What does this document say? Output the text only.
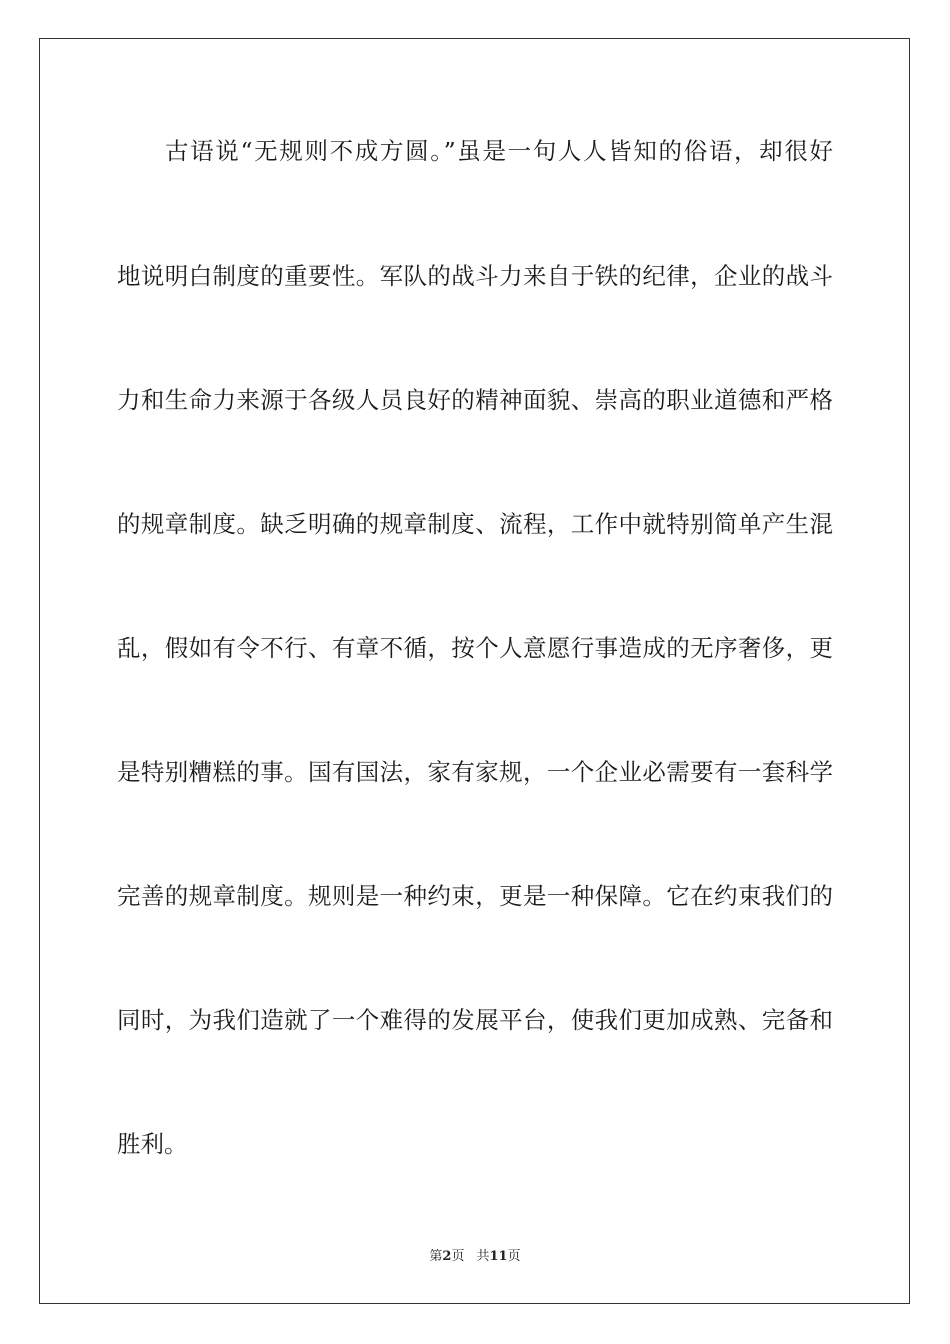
古语说“无规则不成方圆。”虽是一句人人皆知的俗语，却很好
地说明白制度的重要性。军队的战斗力来自于铁的纪律，企业的战斗
力和生命力来源于各级人员良好的精神面貌、崇高的职业道德和严格
的规章制度。缺乏明确的规章制度、流程，工作中就特别简单产生混
乱，假如有令不行、有章不循，按个人意愿行事造成的无序奢侈，更
是特别糟糕的事。国有国法，家有家规，一个企业必需要有一套科学
完善的规章制度。规则是一种约束，更是一种保障。它在约束我们的
同时，为我们造就了一个难得的发展平台，使我们更加成熟、完备和
胜利。
第2页 共11页
